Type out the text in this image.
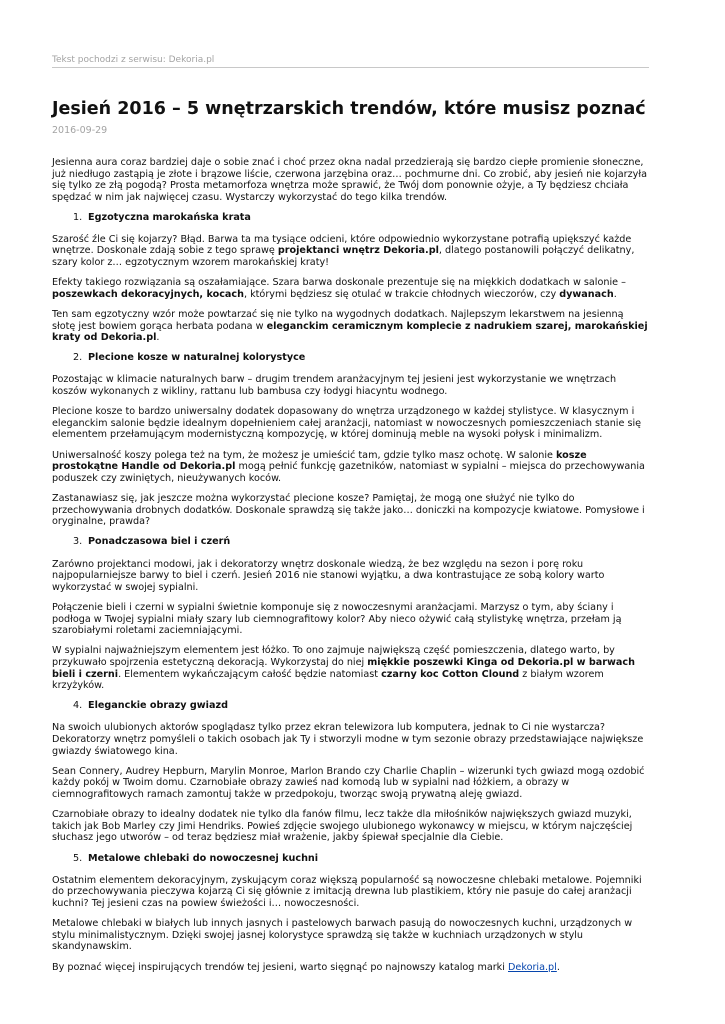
Tekst pochodzi z serwisu: Dekoria.pl
Jesień 2016 – 5 wnętrzarskich trendów, które musisz poznać
2016-09-29

Jesienna aura coraz bardziej daje o sobie znać i choć przez okna nadal przedzierają się bardzo ciepłe promienie słoneczne, już niedługo zastąpią je złote i brązowe liście, czerwona jarzębina oraz… pochmurne dni. Co zrobić, aby jesień nie kojarzyła się tylko ze złą pogodą? Prosta metamorfoza wnętrza może sprawić, że Twój dom ponownie ożyje, a Ty będziesz chciała spędzać w nim jak najwięcej czasu. Wystarczy wykorzystać do tego kilka trendów.

1. Egzotyczna marokańska krata

Szarość źle Ci się kojarzy? Błąd. Barwa ta ma tysiące odcieni, które odpowiednio wykorzystane potrafią upiększyć każde wnętrze. Doskonale zdają sobie z tego sprawę projektanci wnętrz Dekoria.pl, dlatego postanowili połączyć delikatny, szary kolor z… egzotycznym wzorem marokańskiej kraty!

Efekty takiego rozwiązania są oszałamiające. Szara barwa doskonale prezentuje się na miękkich dodatkach w salonie – poszewkach dekoracyjnych, kocach, którymi będziesz się otulać w trakcie chłodnych wieczorów, czy dywanach.

Ten sam egzotyczny wzór może powtarzać się nie tylko na wygodnych dodatkach. Najlepszym lekarstwem na jesienną słotę jest bowiem gorąca herbata podana w eleganckim ceramicznym komplecie z nadrukiem szarej, marokańskiej kraty od Dekoria.pl.

2. Plecione kosze w naturalnej kolorystyce

Pozostając w klimacie naturalnych barw – drugim trendem aranżacyjnym tej jesieni jest wykorzystanie we wnętrzach koszów wykonanych z wikliny, rattanu lub bambusa czy łodygi hiacyntu wodnego.

Plecione kosze to bardzo uniwersalny dodatek dopasowany do wnętrza urządzonego w każdej stylistyce. W klasycznym i eleganckim salonie będzie idealnym dopełnieniem całej aranżacji, natomiast w nowoczesnych pomieszczeniach stanie się elementem przełamującym modernistyczną kompozycję, w której dominują meble na wysoki połysk i minimalizm.

Uniwersalność koszy polega też na tym, że możesz je umieścić tam, gdzie tylko masz ochotę. W salonie kosze prostokątne Handle od Dekoria.pl mogą pełnić funkcję gazetników, natomiast w sypialni – miejsca do przechowywania poduszek czy zwiniętych, nieużywanych koców.

Zastanawiasz się, jak jeszcze można wykorzystać plecione kosze? Pamiętaj, że mogą one służyć nie tylko do przechowywania drobnych dodatków. Doskonale sprawdzą się także jako… doniczki na kompozycje kwiatowe. Pomysłowe i oryginalne, prawda?

3. Ponadczasowa biel i czerń

Zarówno projektanci modowi, jak i dekoratorzy wnętrz doskonale wiedzą, że bez względu na sezon i porę roku najpopularniejsze barwy to biel i czerń. Jesień 2016 nie stanowi wyjątku, a dwa kontrastujące ze sobą kolory warto wykorzystać w swojej sypialni.

Połączenie bieli i czerni w sypialni świetnie komponuje się z nowoczesnymi aranżacjami. Marzysz o tym, aby ściany i podłoga w Twojej sypialni miały szary lub ciemnografitowy kolor? Aby nieco ożywić całą stylistykę wnętrza, przełam ją szarobiałymi roletami zaciemniającymi.

W sypialni najważniejszym elementem jest łóżko. To ono zajmuje największą część pomieszczenia, dlatego warto, by przykuwało spojrzenia estetyczną dekoracją. Wykorzystaj do niej miękkie poszewki Kinga od Dekoria.pl w barwach bieli i czerni. Elementem wykańczającym całość będzie natomiast czarny koc Cotton Clound z białym wzorem krzyżyków.

4. Eleganckie obrazy gwiazd

Na swoich ulubionych aktorów spoglądasz tylko przez ekran telewizora lub komputera, jednak to Ci nie wystarcza? Dekoratorzy wnętrz pomyśleli o takich osobach jak Ty i stworzyli modne w tym sezonie obrazy przedstawiające największe gwiazdy światowego kina.

Sean Connery, Audrey Hepburn, Marylin Monroe, Marlon Brando czy Charlie Chaplin – wizerunki tych gwiazd mogą ozdobić każdy pokój w Twoim domu. Czarnobiałe obrazy zawieś nad komodą lub w sypialni nad łóżkiem, a obrazy w ciemnografitowych ramach zamontuj także w przedpokoju, tworząc swoją prywatną aleję gwiazd.

Czarnobiałe obrazy to idealny dodatek nie tylko dla fanów filmu, lecz także dla miłośników największych gwiazd muzyki, takich jak Bob Marley czy Jimi Hendriks. Powieś zdjęcie swojego ulubionego wykonawcy w miejscu, w którym najczęściej słuchasz jego utworów – od teraz będziesz miał wrażenie, jakby śpiewał specjalnie dla Ciebie.

5. Metalowe chlebaki do nowoczesnej kuchni

Ostatnim elementem dekoracyjnym, zyskującym coraz większą popularność są nowoczesne chlebaki metalowe. Pojemniki do przechowywania pieczywa kojarzą Ci się głównie z imitacją drewna lub plastikiem, który nie pasuje do całej aranżacji kuchni? Tej jesieni czas na powiew świeżości i… nowoczesności.

Metalowe chlebaki w białych lub innych jasnych i pastelowych barwach pasują do nowoczesnych kuchni, urządzonych w stylu minimalistycznym. Dzięki swojej jasnej kolorystyce sprawdzą się także w kuchniach urządzonych w stylu skandynawskim.

By poznać więcej inspirujących trendów tej jesieni, warto sięgnąć po najnowszy katalog marki Dekoria.pl.
